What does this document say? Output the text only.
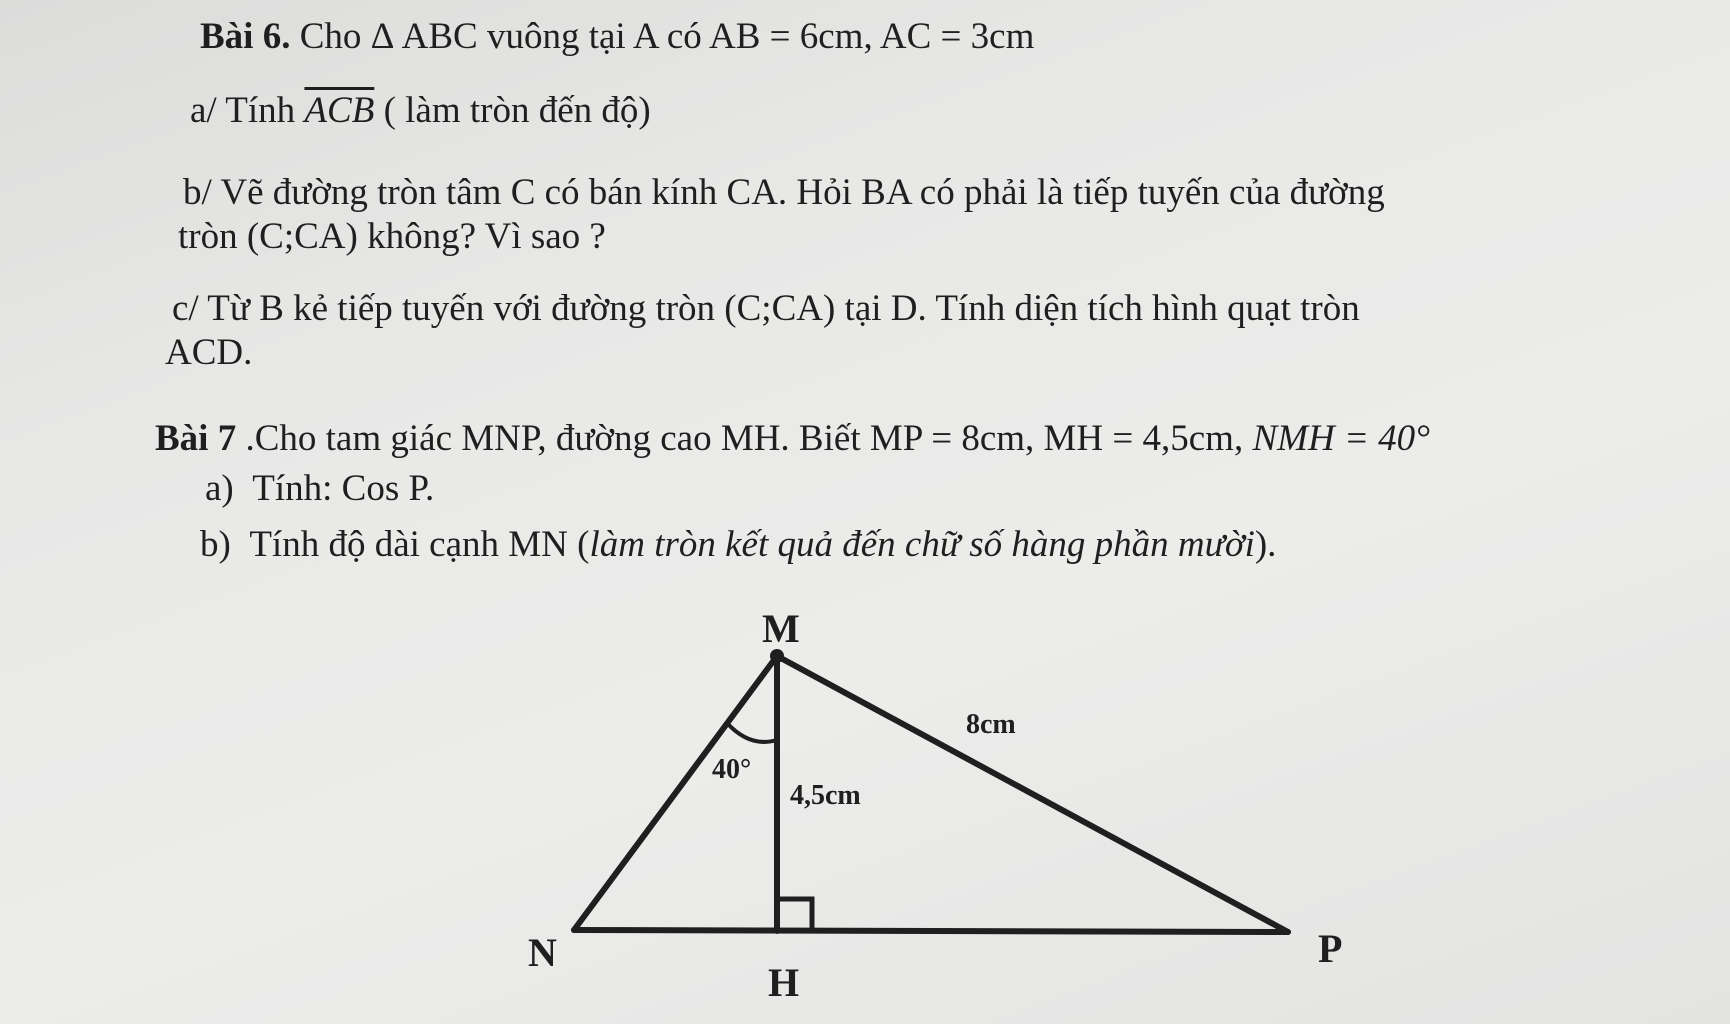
Bài 6. Cho Δ ABC vuông tại A có AB = 6cm, AC = 3cm
a/ Tính $\overline{ACB}$ ( làm tròn đến độ)
b/ Vẽ đường tròn tâm C có bán kính CA. Hỏi BA có phải là tiếp tuyến của đường
tròn (C;CA) không? Vì sao ?
c/ Từ B kẻ tiếp tuyến với đường tròn (C;CA) tại D. Tính diện tích hình quạt tròn
ACD.
Bài 7 .Cho tam giác MNP, đường cao MH. Biết MP = 8cm, MH = 4,5cm, NMH = 40°
a) Tính: Cos P.
b) Tính độ dài cạnh MN (làm tròn kết quả đến chữ số hàng phần mười).
M
N	P
H
8cm
4,5cm
40°
